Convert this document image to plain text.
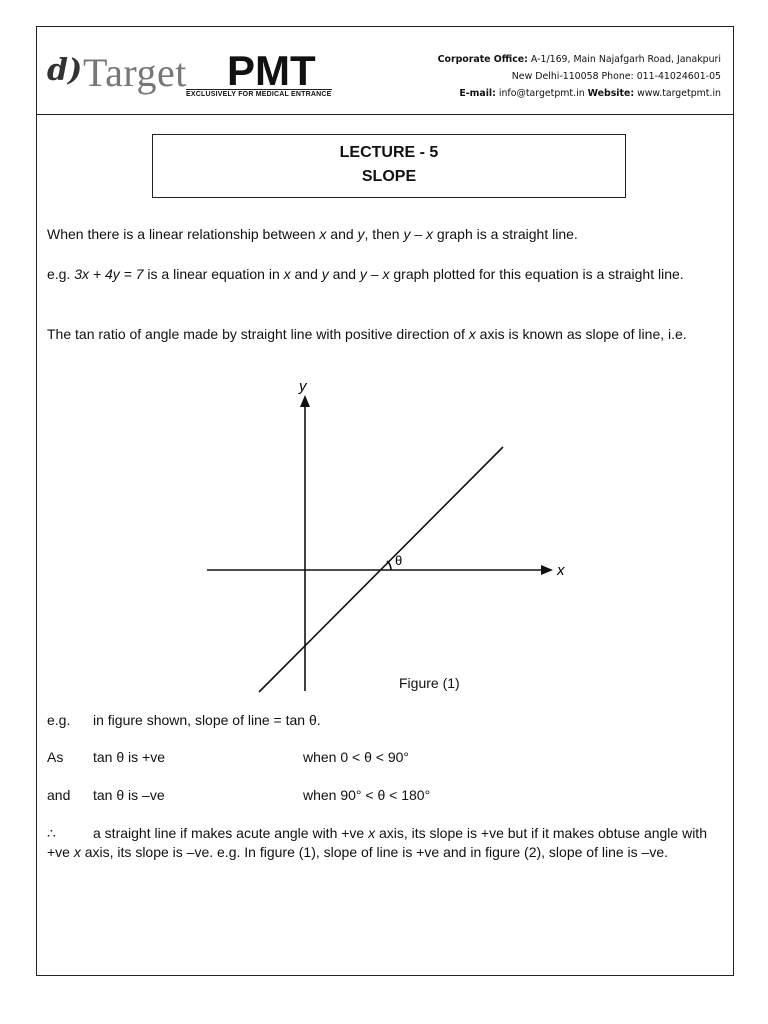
d) Target PMT
EXCLUSIVELY FOR MEDICAL ENTRANCE
Corporate Office: A-1/169, Main Najafgarh Road, Janakpuri
New Delhi-110058 Phone: 011-41024601-05
E-mail: info@targetpmt.in Website: www.targetpmt.in
LECTURE - 5
SLOPE
When there is a linear relationship between x and y, then y – x graph is a straight line.
e.g. 3x + 4y = 7 is a linear equation in x and y and y – x graph plotted for this equation is a straight line.
The tan ratio of angle made by straight line with positive direction of x axis is known as slope of line, i.e.
y
x
θ
Figure (1)
e.g. in figure shown, slope of line = tan θ.
As tan θ is +ve	when 0 < θ < 90°
and tan θ is –ve	when 90° < θ < 180°
∴	a straight line if makes acute angle with +ve x axis, its slope is +ve but if it makes obtuse angle with +ve x axis, its slope is –ve. e.g. In figure (1), slope of line is +ve and in figure (2), slope of line is –ve.
